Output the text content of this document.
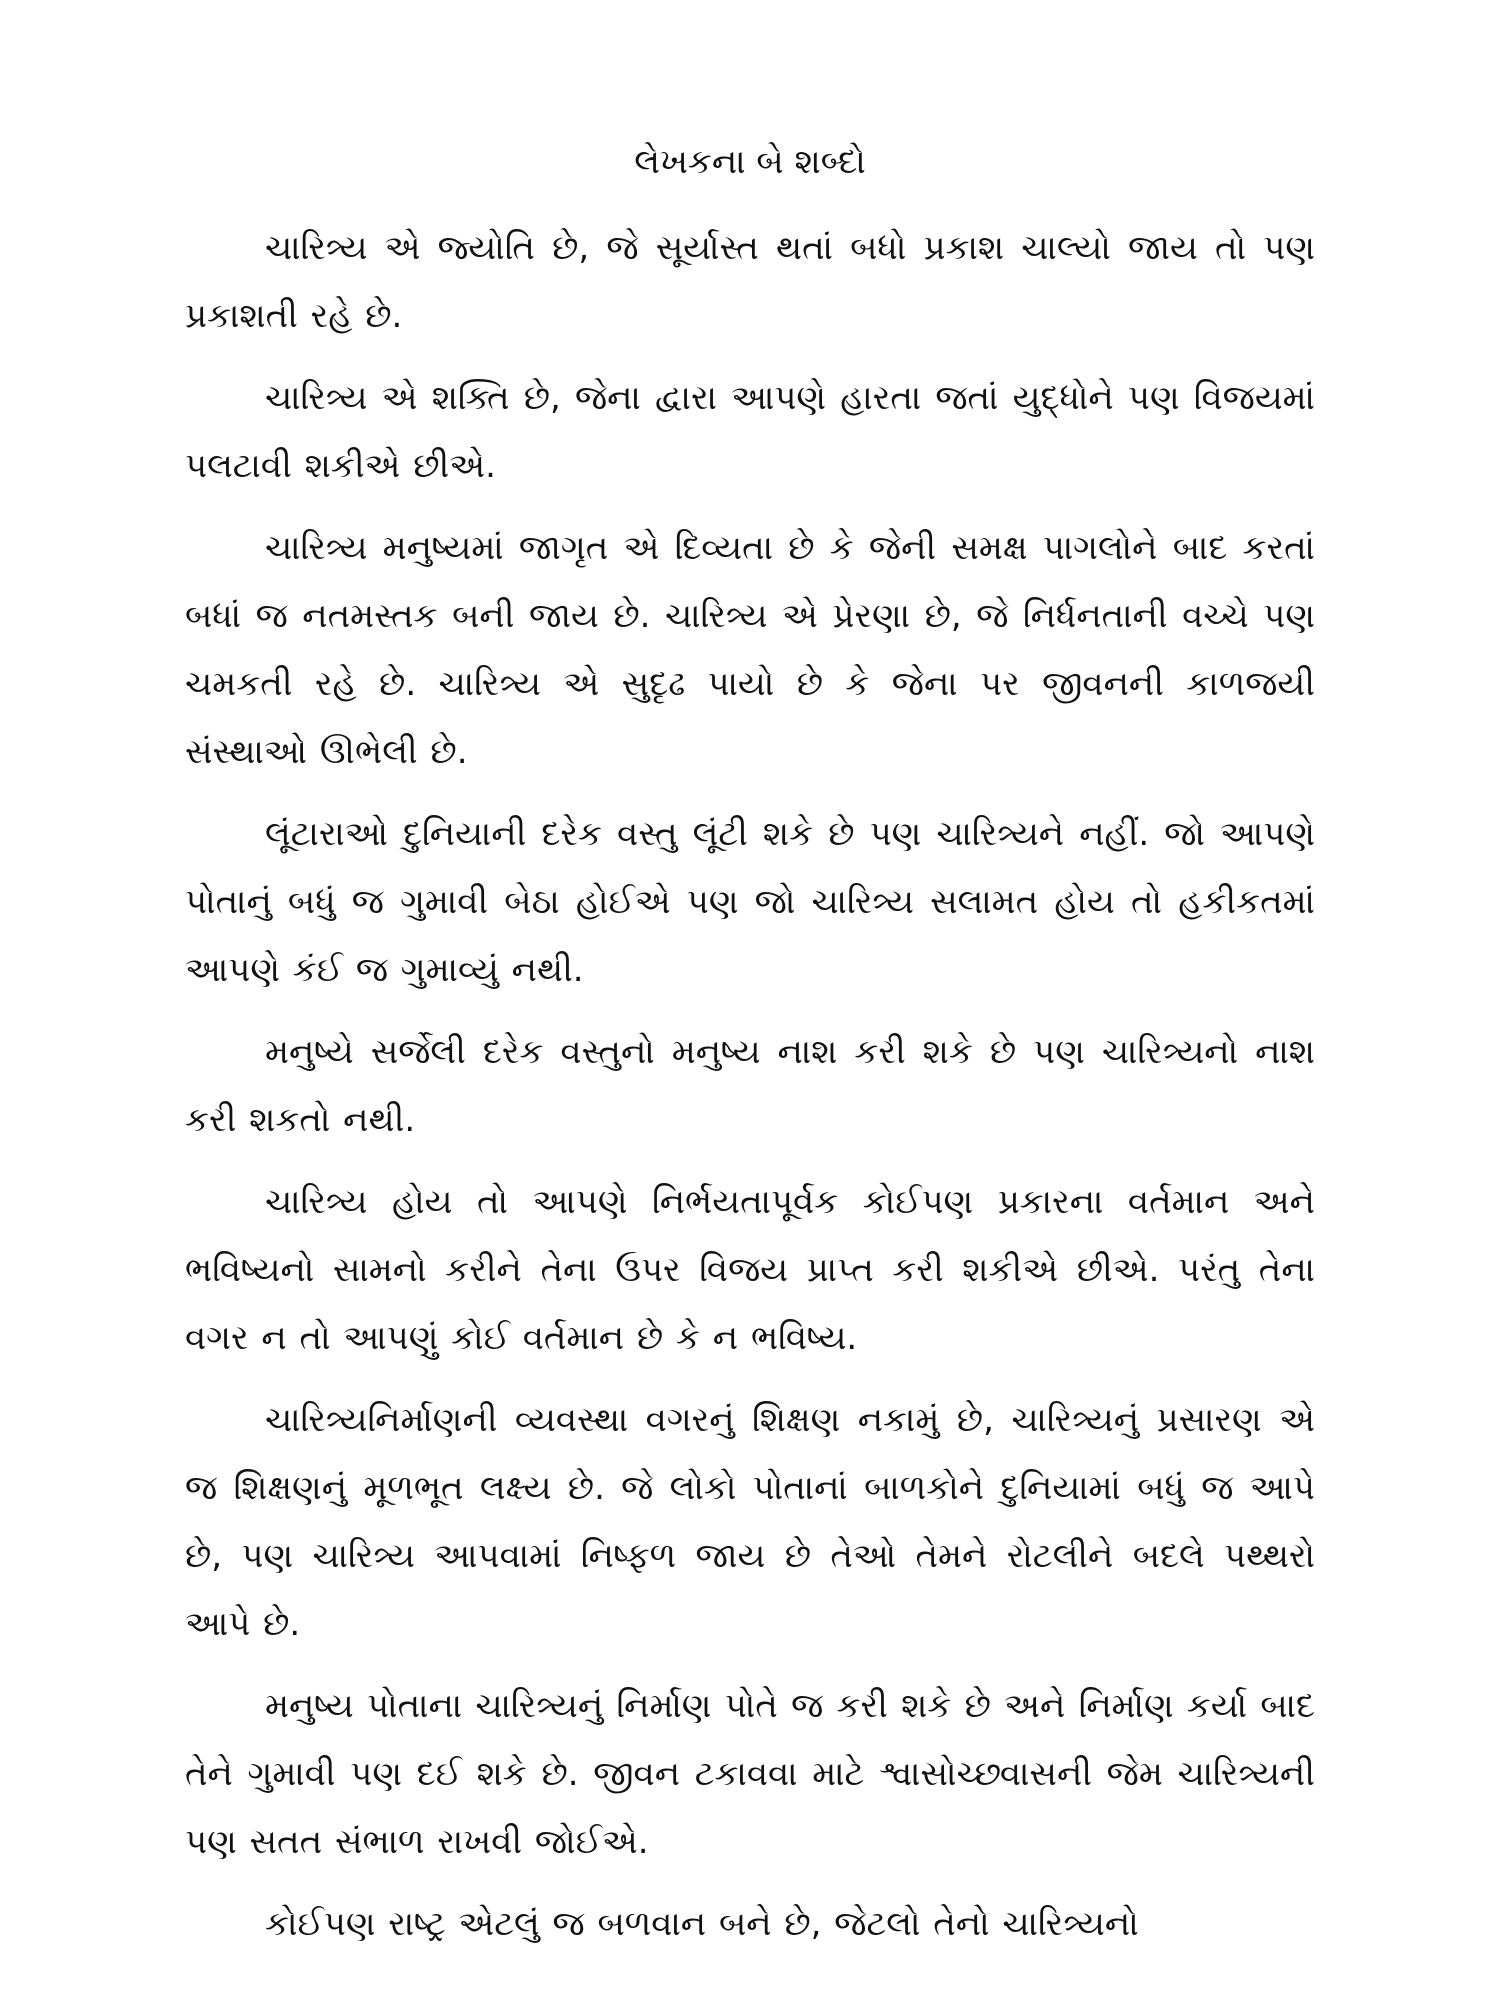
લેખકના બે શબ્દો

ચારિત્ર્ય એ જ્યોતિ છે, જે સૂર્યાસ્ત થતાં બધો પ્રકાશ ચાલ્યો જાય તો પણ પ્રકાશતી રહે છે.

ચારિત્ર્ય એ શક્તિ છે, જેના દ્વારા આપણે હારતા જતાં યુદ્ધોને પણ વિજયમાં પલટાવી શકીએ છીએ.

ચારિત્ર્ય મનુષ્યમાં જાગૃત એ દિવ્યતા છે કે જેની સમક્ષ પાગલોને બાદ કરતાં બધાં જ નતમસ્તક બની જાય છે. ચારિત્ર્ય એ પ્રેરણા છે, જે નિર્ધનતાની વચ્ચે પણ ચમકતી રહે છે. ચારિત્ર્ય એ સુદૃઢ પાયો છે કે જેના પર જીવનની કાળજયી સંસ્થાઓ ઊભેલી છે.

લૂંટારાઓ દુનિયાની દરેક વસ્તુ લૂંટી શકે છે પણ ચારિત્ર્યને નહીં. જો આપણે પોતાનું બધું જ ગુમાવી બેઠા હોઈએ પણ જો ચારિત્ર્ય સલામત હોય તો હકીકતમાં આપણે કંઈ જ ગુમાવ્યું નથી.

મનુષ્યે સર્જેલી દરેક વસ્તુનો મનુષ્ય નાશ કરી શકે છે પણ ચારિત્ર્યનો નાશ કરી શકતો નથી.

ચારિત્ર્ય હોય તો આપણે નિર્ભયતાપૂર્વક કોઈપણ પ્રકારના વર્તમાન અને ભવિષ્યનો સામનો કરીને તેના ઉપર વિજય પ્રાપ્ત કરી શકીએ છીએ. પરંતુ તેના વગર ન તો આપણું કોઈ વર્તમાન છે કે ન ભવિષ્ય.

ચારિત્ર્યનિર્માણની વ્યવસ્થા વગરનું શિક્ષણ નકામું છે, ચારિત્ર્યનું પ્રસારણ એ જ શિક્ષણનું મૂળભૂત લક્ષ્ય છે. જે લોકો પોતાનાં બાળકોને દુનિયામાં બધું જ આપે છે, પણ ચારિત્ર્ય આપવામાં નિષ્ફળ જાય છે તેઓ તેમને રોટલીને બદલે પથ્થરો આપે છે.

મનુષ્ય પોતાના ચારિત્ર્યનું નિર્માણ પોતે જ કરી શકે છે અને નિર્માણ કર્યા બાદ તેને ગુમાવી પણ દઈ શકે છે. જીવન ટકાવવા માટે શ્વાસોચ્છ્વાસની જેમ ચારિત્ર્યની પણ સતત સંભાળ રાખવી જોઈએ.

કોઈપણ રાષ્ટ્ર એટલું જ બળવાન બને છે, જેટલો તેનો ચારિત્ર્યનો
